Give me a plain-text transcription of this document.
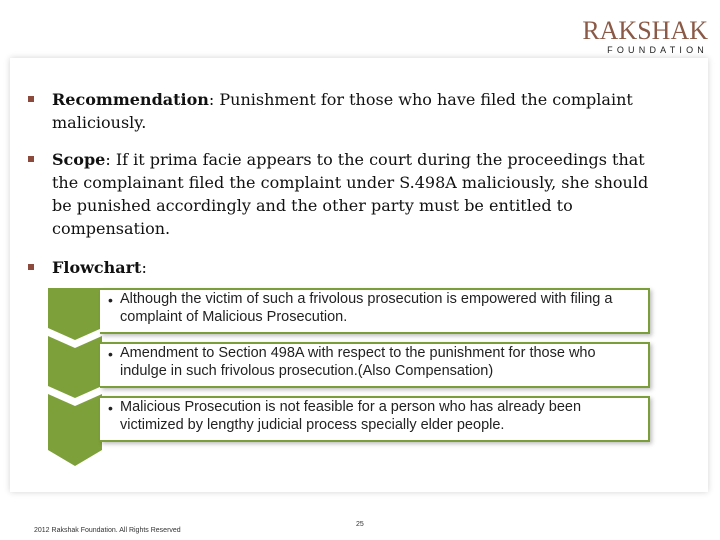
RAKSHAK
FOUNDATION
Recommendation: Punishment for those who have filed the complaint maliciously.
Scope: If it prima facie appears to the court during the proceedings that the complainant filed the complaint under S.498A maliciously, she should be punished accordingly and the other party must be entitled to compensation.
Flowchart:
• Although the victim of such a frivolous prosecution is empowered with filing a complaint of Malicious Prosecution.
• Amendment to Section 498A with respect to the punishment for those who indulge in such frivolous prosecution.(Also Compensation)
• Malicious Prosecution is not feasible for a person who has already been victimized by lengthy judicial process specially elder people.
2012 Rakshak Foundation. All Rights Reserved
25
